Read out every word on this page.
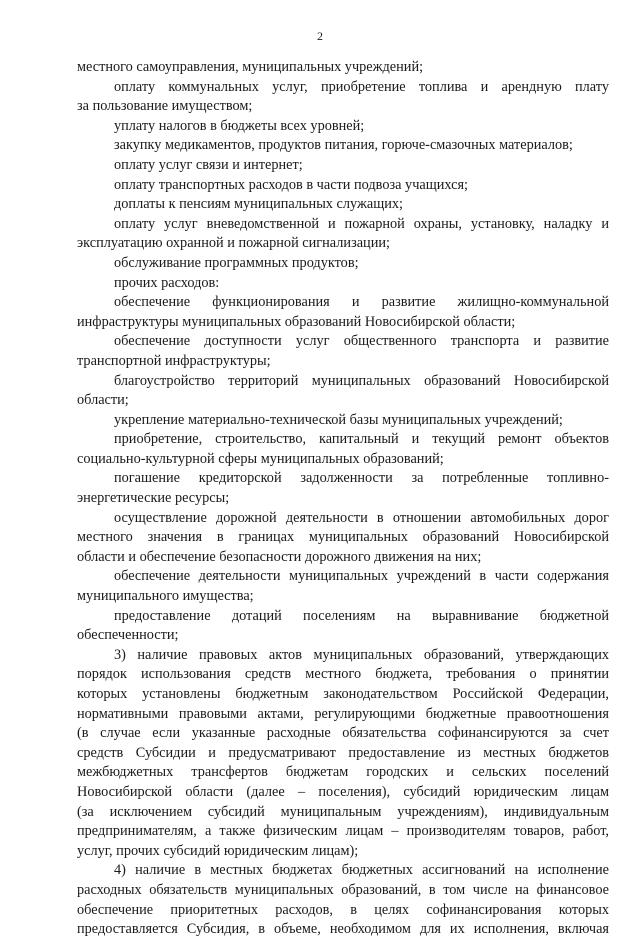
2
местного самоуправления, муниципальных учреждений;
оплату коммунальных услуг, приобретение топлива и арендную плату
за пользование имуществом;
уплату налогов в бюджеты всех уровней;
закупку медикаментов, продуктов питания, горюче-смазочных материалов;
оплату услуг связи и интернет;
оплату транспортных расходов в части подвоза учащихся;
доплаты к пенсиям муниципальных служащих;
оплату услуг вневедомственной и пожарной охраны, установку, наладку и
эксплуатацию охранной и пожарной сигнализации;
обслуживание программных продуктов;
прочих расходов:
обеспечение функционирования и развитие жилищно-коммунальной
инфраструктуры муниципальных образований Новосибирской области;
обеспечение доступности услуг общественного транспорта и развитие
транспортной инфраструктуры;
благоустройство территорий муниципальных образований Новосибирской
области;
укрепление материально-технической базы муниципальных учреждений;
приобретение, строительство, капитальный и текущий ремонт объектов
социально-культурной сферы муниципальных образований;
погашение кредиторской задолженности за потребленные топливно-
энергетические ресурсы;
осуществление дорожной деятельности в отношении автомобильных дорог
местного значения в границах муниципальных образований Новосибирской
области и обеспечение безопасности дорожного движения на них;
обеспечение деятельности муниципальных учреждений в части содержания
муниципального имущества;
предоставление дотаций поселениям на выравнивание бюджетной
обеспеченности;
3) наличие правовых актов муниципальных образований, утверждающих
порядок использования средств местного бюджета, требования о принятии
которых установлены бюджетным законодательством Российской Федерации,
нормативными правовыми актами, регулирующими бюджетные правоотношения
(в случае если указанные расходные обязательства софинансируются за счет
средств Субсидии и предусматривают предоставление из местных бюджетов
межбюджетных трансфертов бюджетам городских и сельских поселений
Новосибирской области (далее – поселения), субсидий юридическим лицам
(за исключением субсидий муниципальным учреждениям), индивидуальным
предпринимателям, а также физическим лицам – производителям товаров, работ,
услуг, прочих субсидий юридическим лицам);
4) наличие в местных бюджетах бюджетных ассигнований на исполнение
расходных обязательств муниципальных образований, в том числе на финансовое
обеспечение приоритетных расходов, в целях софинансирования которых
предоставляется Субсидия, в объеме, необходимом для их исполнения, включая
